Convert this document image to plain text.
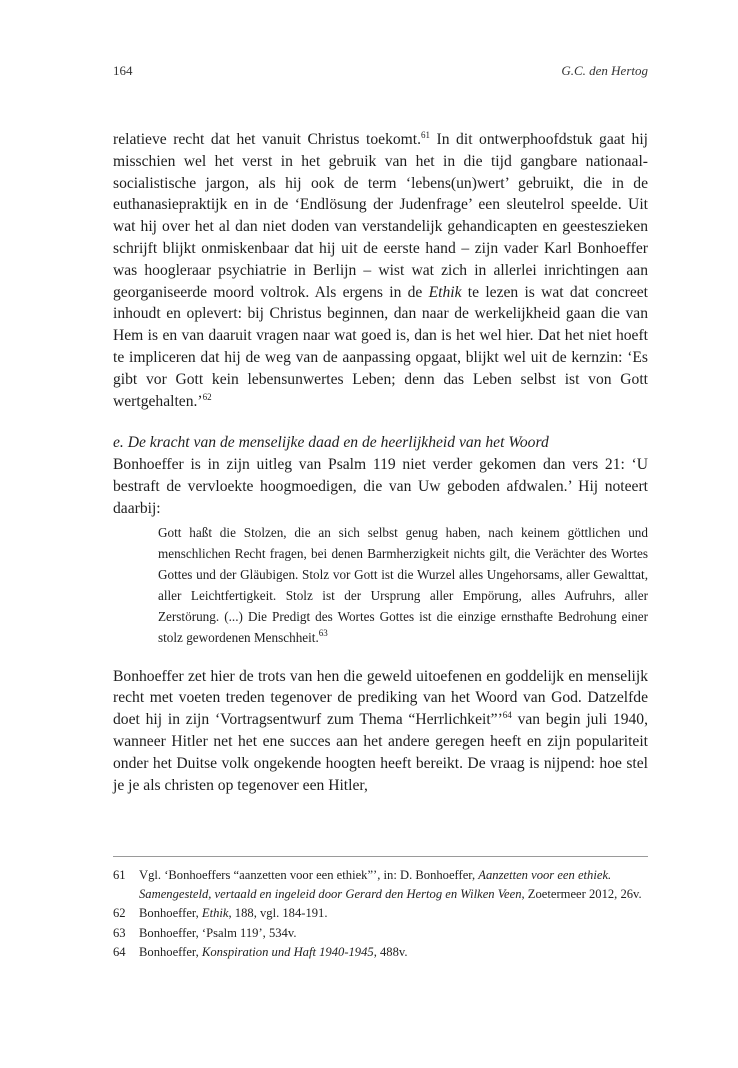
164	G.C. den Hertog

relatieve recht dat het vanuit Christus toekomt.$^{61}$ In dit ontwerphoofdstuk gaat hij misschien wel het verst in het gebruik van het in die tijd gangbare nationaal-socialistische jargon, als hij ook de term ‘lebens(un)wert’ gebruikt, die in de euthanasiepraktijk en in de ‘Endlösung der Judenfrage’ een sleutelrol speelde. Uit wat hij over het al dan niet doden van verstandelijk gehandicapten en geesteszieken schrijft blijkt onmiskenbaar dat hij uit de eerste hand – zijn vader Karl Bonhoeffer was hoogleraar psychiatrie in Berlijn – wist wat zich in allerlei inrichtingen aan georganiseerde moord voltrok. Als ergens in de Ethik te lezen is wat dat concreet inhoudt en oplevert: bij Christus beginnen, dan naar de werkelijkheid gaan die van Hem is en van daaruit vragen naar wat goed is, dan is het wel hier. Dat het niet hoeft te impliceren dat hij de weg van de aanpassing opgaat, blijkt wel uit de kernzin: ‘Es gibt vor Gott kein lebensunwertes Leben; denn das Leben selbst ist von Gott wertgehalten.’$^{62}$

e. De kracht van de menselijke daad en de heerlijkheid van het Woord

Bonhoeffer is in zijn uitleg van Psalm 119 niet verder gekomen dan vers 21: ‘U bestraft de vervloekte hoogmoedigen, die van Uw geboden afdwalen.’ Hij noteert daarbij:

Gott haßt die Stolzen, die an sich selbst genug haben, nach keinem göttlichen und menschlichen Recht fragen, bei denen Barmherzigkeit nichts gilt, die Verächter des Wortes Gottes und der Gläubigen. Stolz vor Gott ist die Wurzel alles Ungehorsams, aller Gewalttat, aller Leichtfertigkeit. Stolz ist der Ursprung aller Empörung, alles Aufruhrs, aller Zerstörung. (...) Die Predigt des Wortes Gottes ist die einzige ernsthafte Bedrohung einer stolz gewordenen Menschheit.$^{63}$

Bonhoeffer zet hier de trots van hen die geweld uitoefenen en goddelijk en menselijk recht met voeten treden tegenover de prediking van het Woord van God. Datzelfde doet hij in zijn ‘Vortragsentwurf zum Thema “Herrlichkeit”’$^{64}$ van begin juli 1940, wanneer Hitler net het ene succes aan het andere geregen heeft en zijn populariteit onder het Duitse volk ongekende hoogten heeft bereikt. De vraag is nijpend: hoe stel je je als christen op tegenover een Hitler,

61	Vgl. ‘Bonhoeffers “aanzetten voor een ethiek”’, in: D. Bonhoeffer, Aanzetten voor een ethiek. Samengesteld, vertaald en ingeleid door Gerard den Hertog en Wilken Veen, Zoetermeer 2012, 26v.
62	Bonhoeffer, Ethik, 188, vgl. 184-191.
63	Bonhoeffer, ‘Psalm 119’, 534v.
64	Bonhoeffer, Konspiration und Haft 1940-1945, 488v.
